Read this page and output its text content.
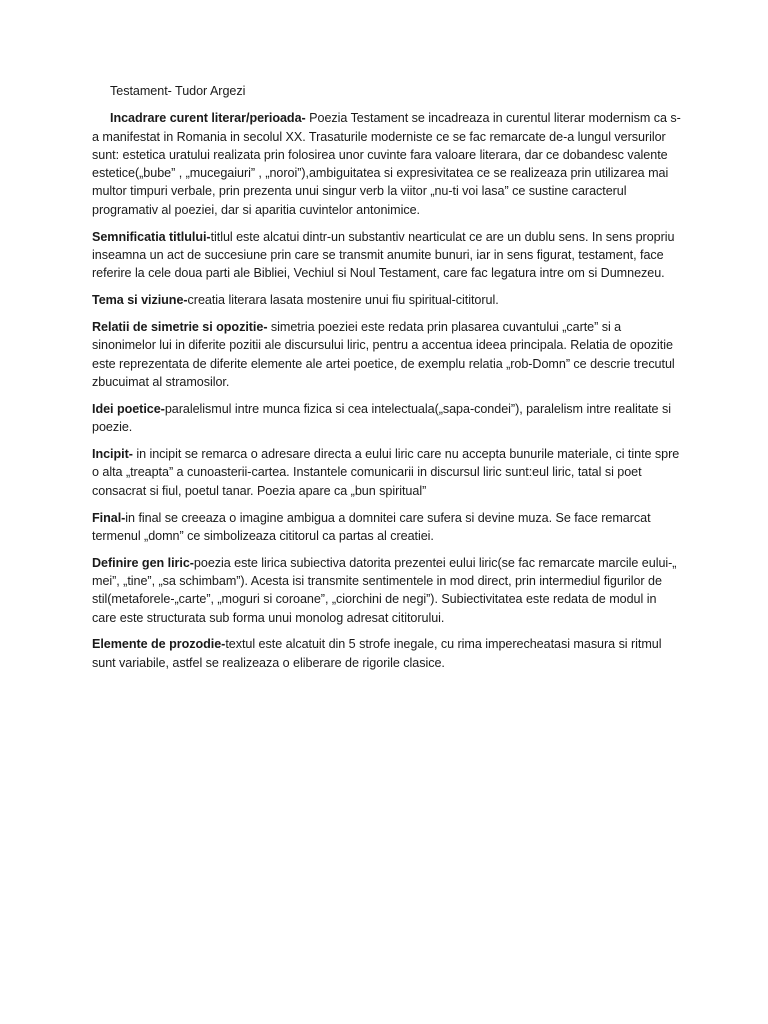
Testament- Tudor Argezi

Incadrare curent literar/perioada- Poezia Testament se incadreaza in curentul literar modernism ca s-a manifestat in Romania in secolul XX. Trasaturile moderniste ce se fac remarcate de-a lungul versurilor sunt: estetica uratului realizata prin folosirea unor cuvinte fara valoare literara, dar ce dobandesc valente estetice(„bube” , „mucegaiuri” , „noroi”),ambiguitatea si expresivitatea ce se realizeaza prin utilizarea mai multor timpuri verbale, prin prezenta unui singur verb la viitor „nu-ti voi lasa” ce sustine caracterul programativ al poeziei, dar si aparitia cuvintelor antonimice.

Semnificatia titlului-titlul este alcatui dintr-un substantiv nearticulat ce are un dublu sens. In sens propriu inseamna un act de succesiune prin care se transmit anumite bunuri, iar in sens figurat, testament, face referire la cele doua parti ale Bibliei, Vechiul si Noul Testament, care fac legatura intre om si Dumnezeu.

Tema si viziune-creatia literara lasata mostenire unui fiu spiritual-cititorul.

Relatii de simetrie si opozitie- simetria poeziei este redata prin plasarea cuvantului „carte” si a sinonimelor lui in diferite pozitii ale discursului liric, pentru a accentua ideea principala. Relatia de opozitie este reprezentata de diferite elemente ale artei poetice, de exemplu relatia „rob-Domn” ce descrie trecutul zbucuimat al stramosilor.

Idei poetice-paralelismul intre munca fizica si cea intelectuala(„sapa-condei”), paralelism intre realitate si poezie.

Incipit- in incipit se remarca o adresare directa a eului liric care nu accepta bunurile materiale, ci tinte spre o alta „treapta” a cunoasterii-cartea. Instantele comunicarii in discursul liric sunt:eul liric, tatal si poet consacrat si fiul, poetul tanar. Poezia apare ca „bun spiritual”

Final-in final se creeaza o imagine ambigua a domnitei care sufera si devine muza. Se face remarcat termenul „domn” ce simbolizeaza cititorul ca partas al creatiei.

Definire gen liric-poezia este lirica subiectiva datorita prezentei eului liric(se fac remarcate marcile eului-„ mei”, „tine”, „sa schimbam”). Acesta isi transmite sentimentele in mod direct, prin intermediul figurilor de stil(metaforele-„carte”, „moguri si coroane”, „ciorchini de negi”). Subiectivitatea este redata de modul in care este structurata sub forma unui monolog adresat cititorului.

Elemente de prozodie-textul este alcatuit din 5 strofe inegale, cu rima imperecheatasi masura si ritmul sunt variabile, astfel se realizeaza o eliberare de rigorile clasice.
